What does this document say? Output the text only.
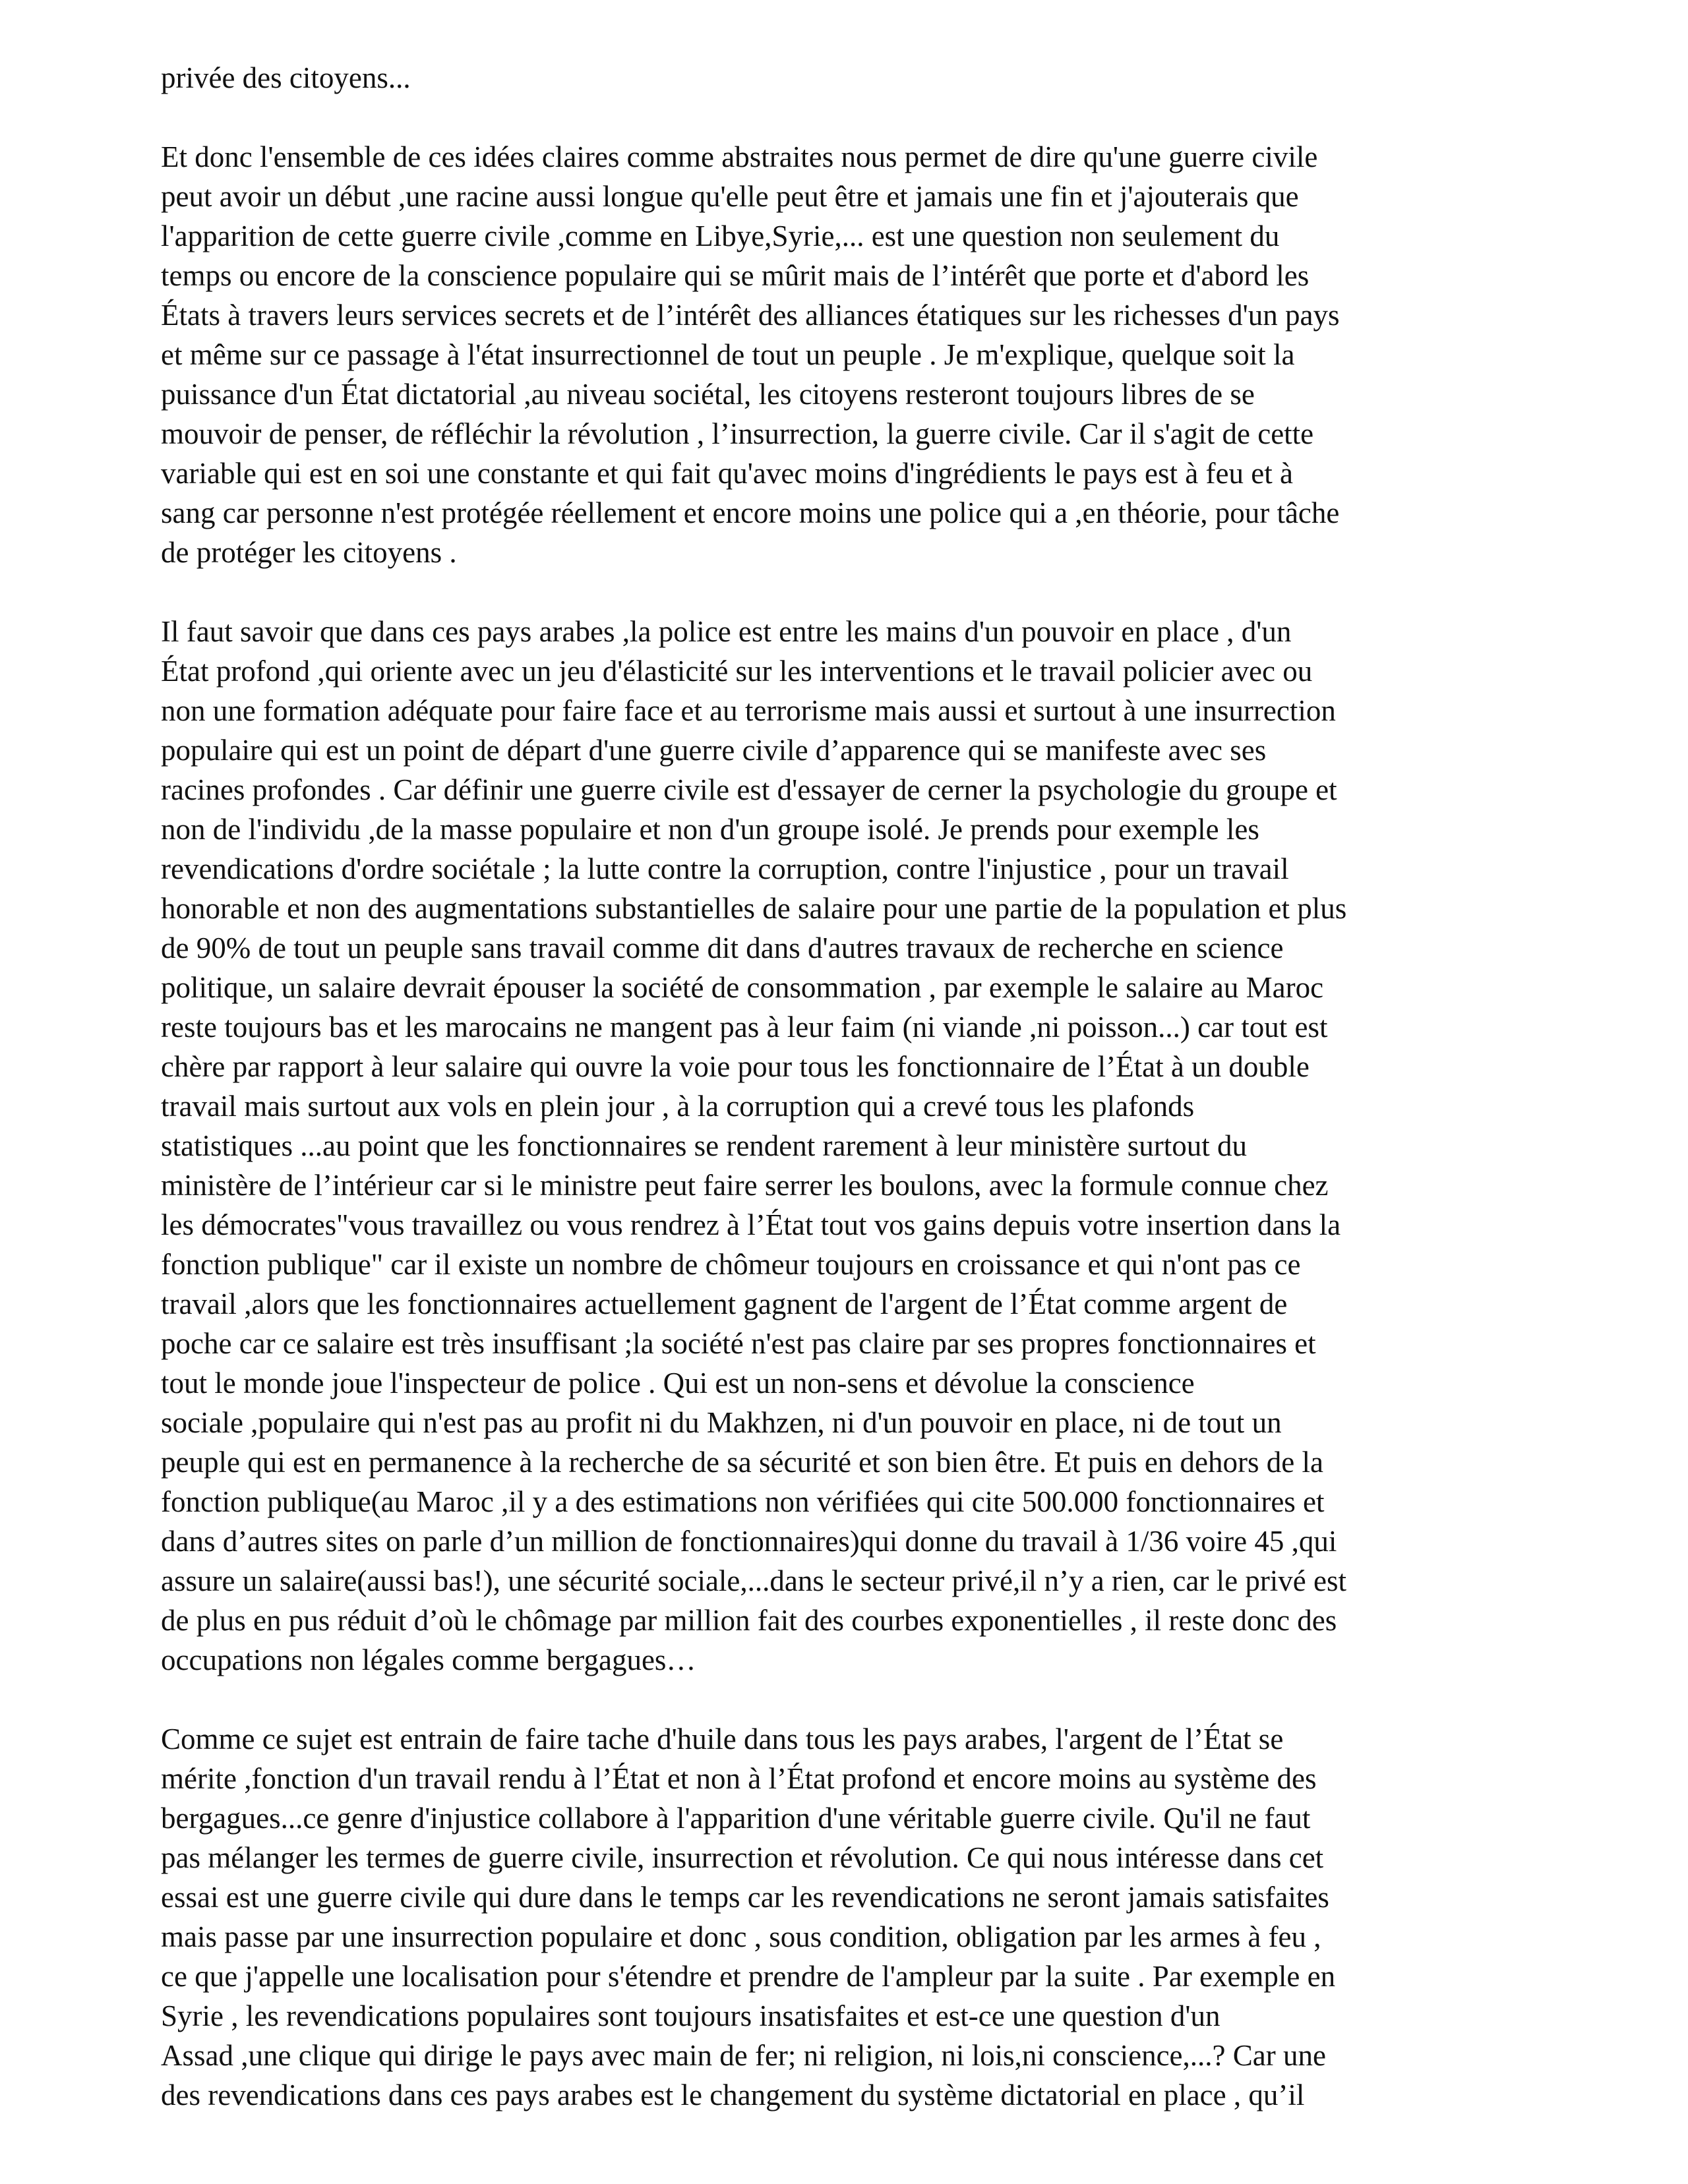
privée des citoyens...

Et donc l'ensemble de ces idées claires comme abstraites nous permet de dire qu'une guerre civile
peut avoir un début ,une racine aussi longue qu'elle peut être et jamais une fin et j'ajouterais que
l'apparition de cette guerre civile ,comme en Libye,Syrie,... est une question non seulement du
temps ou encore de la conscience populaire qui se mûrit mais de l’intérêt que porte et d'abord les
États à travers leurs services secrets et de l’intérêt des alliances étatiques sur les richesses d'un pays
et même sur ce passage à l'état insurrectionnel de tout un peuple . Je m'explique, quelque soit la
puissance d'un État dictatorial ,au niveau sociétal, les citoyens resteront toujours libres de se
mouvoir de penser, de réfléchir la révolution , l’insurrection, la guerre civile. Car il s'agit de cette
variable qui est en soi une constante et qui fait qu'avec moins d'ingrédients le pays est à feu et à
sang car personne n'est protégée réellement et encore moins une police qui a ,en théorie, pour tâche
de protéger les citoyens .

Il faut savoir que dans ces pays arabes ,la police est entre les mains d'un pouvoir en place , d'un
État profond ,qui oriente avec un jeu d'élasticité sur les interventions et le travail policier avec ou
non une formation adéquate pour faire face et au terrorisme mais aussi et surtout à une insurrection
populaire qui est un point de départ d'une guerre civile d’apparence qui se manifeste avec ses
racines profondes . Car définir une guerre civile est d'essayer de cerner la psychologie du groupe et
non de l'individu ,de la masse populaire et non d'un groupe isolé. Je prends pour exemple les
revendications d'ordre sociétale ; la lutte contre la corruption, contre l'injustice , pour un travail
honorable et non des augmentations substantielles de salaire pour une partie de la population et plus
de 90% de tout un peuple sans travail comme dit dans d'autres travaux de recherche en science
politique, un salaire devrait épouser la société de consommation , par exemple le salaire au Maroc
reste toujours bas et les marocains ne mangent pas à leur faim (ni viande ,ni poisson...) car tout est
chère par rapport à leur salaire qui ouvre la voie pour tous les fonctionnaire de l’État à un double
travail mais surtout aux vols en plein jour , à la corruption qui a crevé tous les plafonds
statistiques ...au point que les fonctionnaires se rendent rarement à leur ministère surtout du
ministère de l’intérieur car si le ministre peut faire serrer les boulons, avec la formule connue chez
les démocrates"vous travaillez ou vous rendrez à l’État tout vos gains depuis votre insertion dans la
fonction publique" car il existe un nombre de chômeur toujours en croissance et qui n'ont pas ce
travail ,alors que les fonctionnaires actuellement gagnent de l'argent de l’État comme argent de
poche car ce salaire est très insuffisant ;la société n'est pas claire par ses propres fonctionnaires et
tout le monde joue l'inspecteur de police . Qui est un non-sens et dévolue la conscience
sociale ,populaire qui n'est pas au profit ni du Makhzen, ni d'un pouvoir en place, ni de tout un
peuple qui est en permanence à la recherche de sa sécurité et son bien être. Et puis en dehors de la
fonction publique(au Maroc ,il y a des estimations non vérifiées qui cite 500.000 fonctionnaires et
dans d’autres sites on parle d’un million de fonctionnaires)qui donne du travail à 1/36 voire 45 ,qui
assure un salaire(aussi bas!), une sécurité sociale,...dans le secteur privé,il n’y a rien, car le privé est
de plus en pus réduit d’où le chômage par million fait des courbes exponentielles , il reste donc des
occupations non légales comme bergagues…

Comme ce sujet est entrain de faire tache d'huile dans tous les pays arabes, l'argent de l’État se
mérite ,fonction d'un travail rendu à l’État et non à l’État profond et encore moins au système des
bergagues...ce genre d'injustice collabore à l'apparition d'une véritable guerre civile. Qu'il ne faut
pas mélanger les termes de guerre civile, insurrection et révolution. Ce qui nous intéresse dans cet
essai est une guerre civile qui dure dans le temps car les revendications ne seront jamais satisfaites
mais passe par une insurrection populaire et donc , sous condition, obligation par les armes à feu ,
ce que j'appelle une localisation pour s'étendre et prendre de l'ampleur par la suite . Par exemple en
Syrie , les revendications populaires sont toujours insatisfaites et est-ce une question d'un
Assad ,une clique qui dirige le pays avec main de fer; ni religion, ni lois,ni conscience,...? Car une
des revendications dans ces pays arabes est le changement du système dictatorial en place , qu’il
